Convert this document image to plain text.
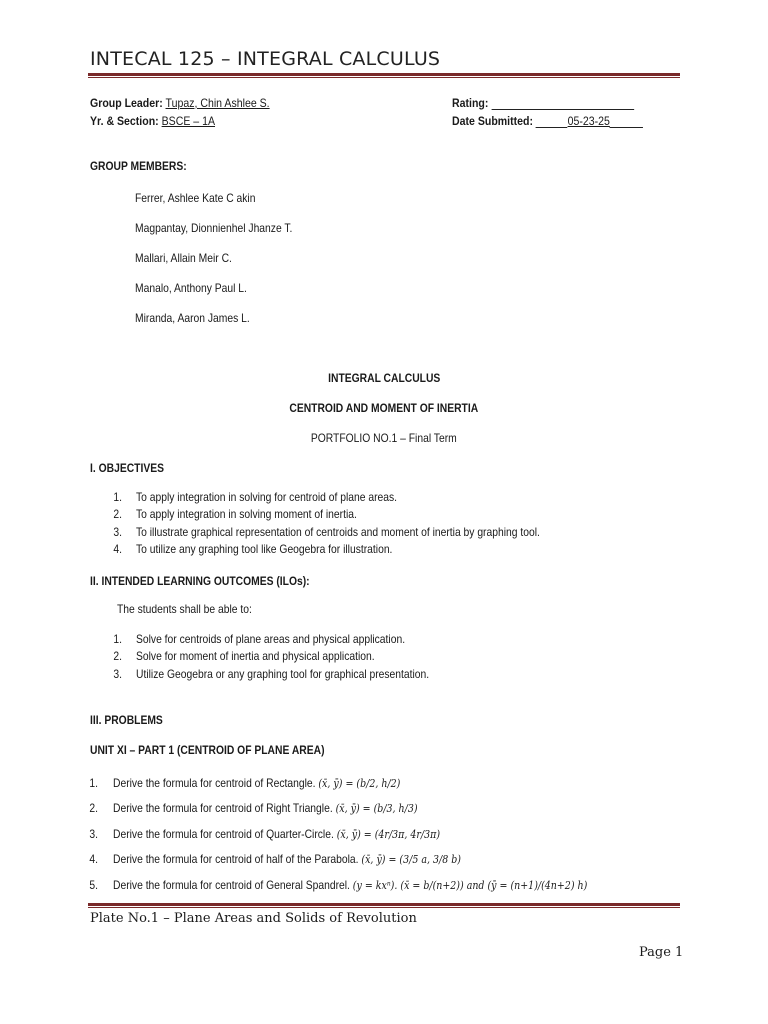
INTECAL 125 – INTEGRAL CALCULUS
Group Leader: Tupaz, Chin Ashlee S.
Yr. & Section: BSCE – 1A
Rating:
Date Submitted:	05-23-25
GROUP MEMBERS:
Ferrer, Ashlee Kate C akin
Magpantay, Dionnienhel Jhanze T.
Mallari, Allain Meir C.
Manalo, Anthony Paul L.
Miranda, Aaron James L.
INTEGRAL CALCULUS
CENTROID AND MOMENT OF INERTIA
PORTFOLIO NO.1 – Final Term
I. OBJECTIVES
1. To apply integration in solving for centroid of plane areas.
2. To apply integration in solving moment of inertia.
3. To illustrate graphical representation of centroids and moment of inertia by graphing tool.
4. To utilize any graphing tool like Geogebra for illustration.
II. INTENDED LEARNING OUTCOMES (ILOs):
The students shall be able to:
1. Solve for centroids of plane areas and physical application.
2. Solve for moment of inertia and physical application.
3. Utilize Geogebra or any graphing tool for graphical presentation.
III. PROBLEMS
UNIT XI – PART 1 (CENTROID OF PLANE AREA)
1. Derive the formula for centroid of Rectangle. (x̄, ȳ) = (b/2, h/2)
2. Derive the formula for centroid of Right Triangle. (x̄, ȳ) = (b/3, h/3)
3. Derive the formula for centroid of Quarter-Circle. (x̄, ȳ) = (4r/3π, 4r/3π)
4. Derive the formula for centroid of half of the Parabola. (x̄, ȳ) = (3/5 a, 3/8 b)
5. Derive the formula for centroid of General Spandrel. (y = kxⁿ). (x̄ = b/(n+2)) and (ȳ = (n+1)/(4n+2) h)
Plate No.1 – Plane Areas and Solids of Revolution
Page 1
